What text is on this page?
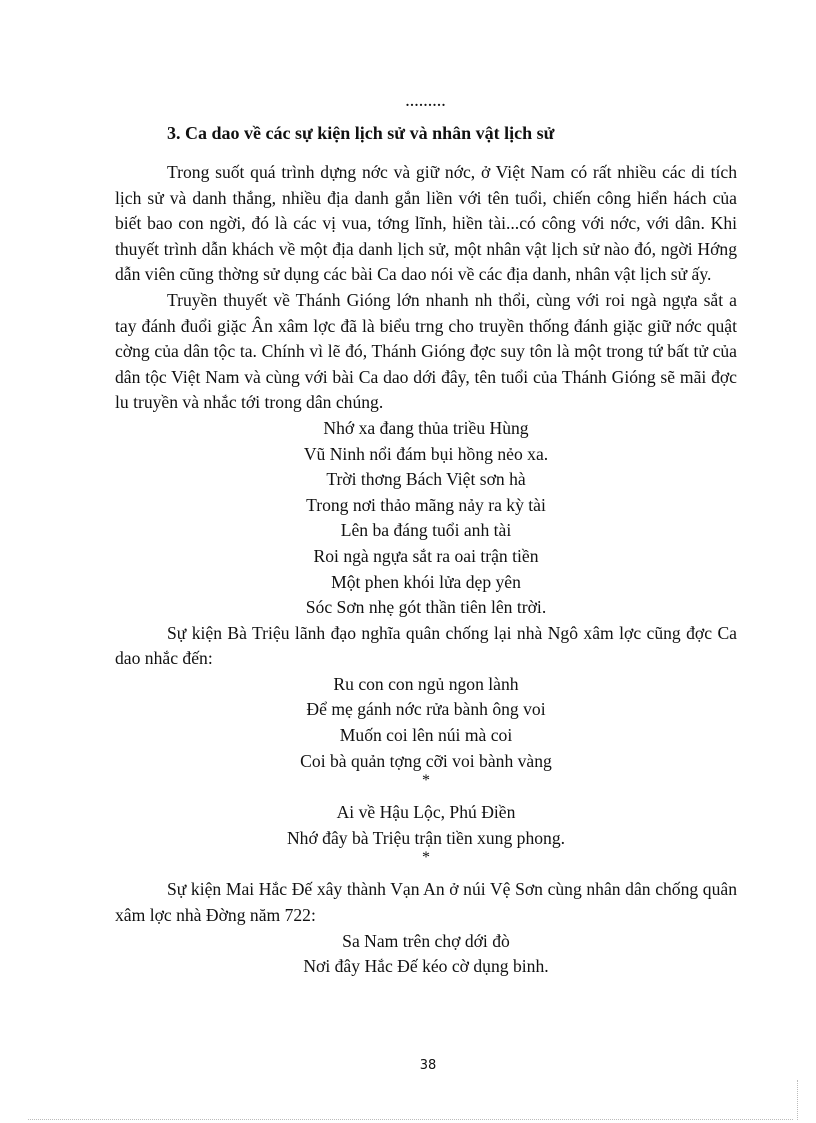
.........
3. Ca dao về các sự kiện lịch sử và nhân vật lịch sử

Trong suốt quá trình dựng nớc và giữ nớc, ở Việt Nam có rất nhiều các di tích lịch sử và danh thắng, nhiều địa danh gắn liền với tên tuổi, chiến công hiển hách của biết bao con ngời, đó là các vị vua, tớng lĩnh, hiền tài...có công với nớc, với dân. Khi thuyết trình dẫn khách về một địa danh lịch sử, một nhân vật lịch sử nào đó, ngời Hớng dẫn viên cũng thờng sử dụng các bài Ca dao nói về các địa danh, nhân vật lịch sử ấy.

Truyền thuyết về Thánh Gióng lớn nhanh nh thổi, cùng với roi ngà ngựa sắt a tay đánh đuổi giặc Ân xâm lợc đã là biểu trng cho truyền thống đánh giặc giữ nớc quật cờng của dân tộc ta. Chính vì lẽ đó, Thánh Gióng đợc suy tôn là một trong tứ bất tử của dân tộc Việt Nam và cùng với bài Ca dao dới đây, tên tuổi của Thánh Gióng sẽ mãi đợc lu truyền và nhắc tới trong dân chúng.

Nhớ xa đang thủa triều Hùng
Vũ Ninh nổi đám bụi hồng nẻo xa.
Trời thơng Bách Việt sơn hà
Trong nơi thảo mãng nảy ra kỳ tài
Lên ba đáng tuổi anh tài
Roi ngà ngựa sắt ra oai trận tiền
Một phen khói lửa dẹp yên
Sóc Sơn nhẹ gót thần tiên lên trời.

Sự kiện Bà Triệu lãnh đạo nghĩa quân chống lại nhà Ngô xâm lợc cũng đợc Ca dao nhắc đến:

Ru con con ngủ ngon lành
Để mẹ gánh nớc rửa bành ông voi
Muốn coi lên núi mà coi
Coi bà quản tợng cỡi voi bành vàng
*
Ai về Hậu Lộc, Phú Điền
Nhớ đây bà Triệu trận tiền xung phong.
*

Sự kiện Mai Hắc Đế xây thành Vạn An ở núi Vệ Sơn cùng nhân dân chống quân xâm lợc nhà Đờng năm 722:

Sa Nam trên chợ dới đò
Nơi đây Hắc Đế kéo cờ dụng binh.
38
